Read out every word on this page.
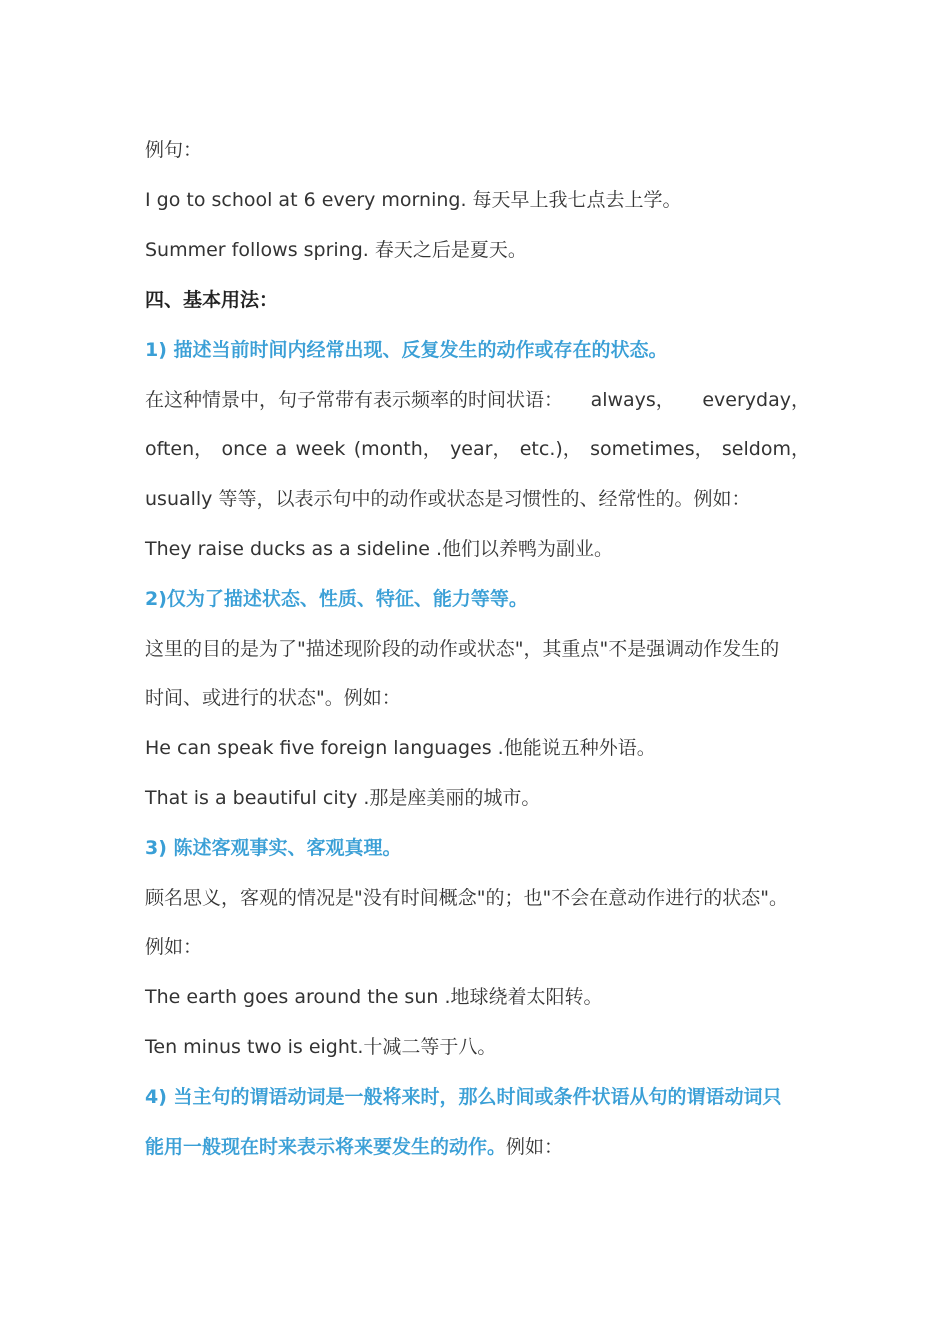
例句：
I go to school at 6 every morning. 每天早上我七点去上学。
Summer follows spring. 春天之后是夏天。
四、基本用法：
1) 描述当前时间内经常出现、反复发生的动作或存在的状态。
在这种情景中，句子常带有表示频率的时间状语： always， everyday，
often， once a week (month， year， etc.)， sometimes， seldom，
usually 等等，以表示句中的动作或状态是习惯性的、经常性的。例如：
They raise ducks as a sideline .他们以养鸭为副业。
2)仅为了描述状态、性质、特征、能力等等。
这里的目的是为了"描述现阶段的动作或状态"，其重点"不是强调动作发生的
时间、或进行的状态"。例如：
He can speak five foreign languages .他能说五种外语。
That is a beautiful city .那是座美丽的城市。
3) 陈述客观事实、客观真理。
顾名思义，客观的情况是"没有时间概念"的；也"不会在意动作进行的状态"。
例如：
The earth goes around the sun .地球绕着太阳转。
Ten minus two is eight.十减二等于八。
4) 当主句的谓语动词是一般将来时，那么时间或条件状语从句的谓语动词只
能用一般现在时来表示将来要发生的动作。例如：
